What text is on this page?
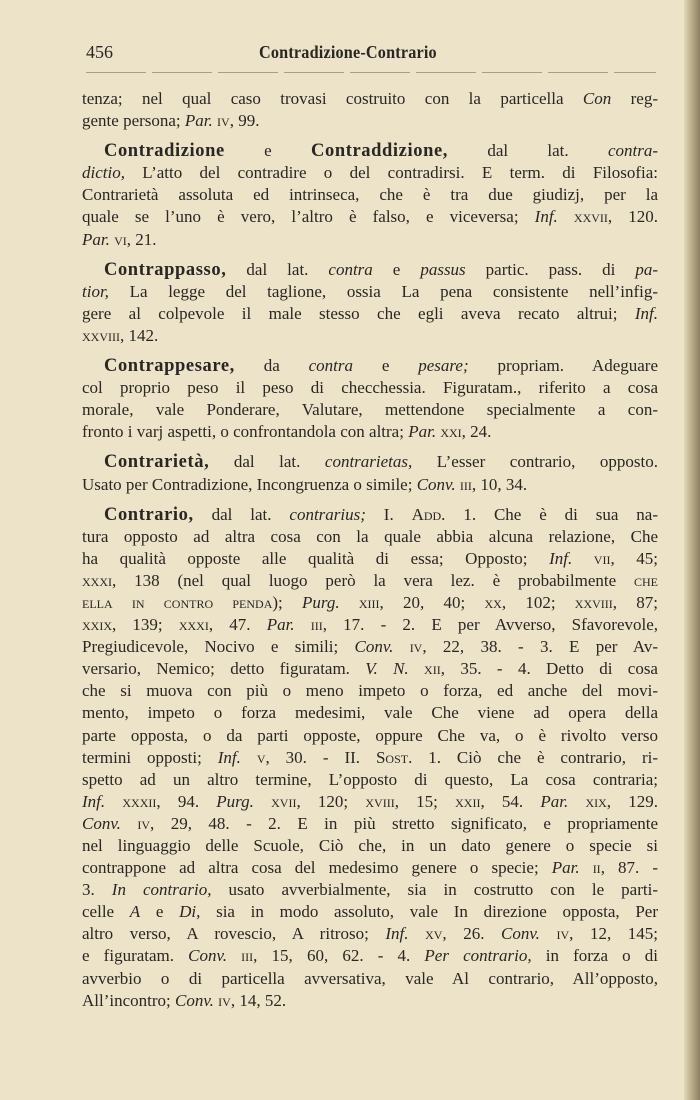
456	Contradizione-Contrario
tenza; nel qual caso trovasi costruito con la particella Con reg-
gente persona; Par. iv, 99.
Contradizione e Contraddizione, dal lat. contra-
dictio, L’atto del contradire o del contradirsi. E term. di Filosofia:
Contrarietà assoluta ed intrinseca, che è tra due giudizj, per la
quale se l’uno è vero, l’altro è falso, e viceversa; Inf. xxvii, 120.
Par. vi, 21.
Contrappasso, dal lat. contra e passus partic. pass. di pa-
tior, La legge del taglione, ossia La pena consistente nell’infig-
gere al colpevole il male stesso che egli aveva recato altrui; Inf.
xxviii, 142.
Contrappesare, da contra e pesare; propriam. Adeguare
col proprio peso il peso di checchessia. Figuratam., riferito a cosa
morale, vale Ponderare, Valutare, mettendone specialmente a con-
fronto i varj aspetti, o confrontandola con altra; Par. xxi, 24.
Contrarietà, dal lat. contrarietas, L’esser contrario, opposto.
Usato per Contradizione, Incongruenza o simile; Conv. iii, 10, 34.
Contrario, dal lat. contrarius; I. Add. 1. Che è di sua na-
tura opposto ad altra cosa con la quale abbia alcuna relazione, Che
ha qualità opposte alle qualità di essa; Opposto; Inf. vii, 45;
xxxi, 138 (nel qual luogo però la vera lez. è probabilmente che
ella in contro penda); Purg. xiii, 20, 40; xx, 102; xxviii, 87;
xxix, 139; xxxi, 47. Par. iii, 17. - 2. E per Avverso, Sfavorevole,
Pregiudicevole, Nocivo e simili; Conv. iv, 22, 38. - 3. E per Av-
versario, Nemico; detto figuratam. V. N. xii, 35. - 4. Detto di cosa
che si muova con più o meno impeto o forza, ed anche del movi-
mento, impeto o forza medesimi, vale Che viene ad opera della
parte opposta, o da parti opposte, oppure Che va, o è rivolto verso
termini opposti; Inf. v, 30. - II. Sost. 1. Ciò che è contrario, ri-
spetto ad un altro termine, L’opposto di questo, La cosa contraria;
Inf. xxxii, 94. Purg. xvii, 120; xviii, 15; xxii, 54. Par. xix, 129.
Conv. iv, 29, 48. - 2. E in più stretto significato, e propriamente
nel linguaggio delle Scuole, Ciò che, in un dato genere o specie si
contrappone ad altra cosa del medesimo genere o specie; Par. ii, 87. -
3. In contrario, usato avverbialmente, sia in costrutto con le parti-
celle A e Di, sia in modo assoluto, vale In direzione opposta, Per
altro verso, A rovescio, A ritroso; Inf. xv, 26. Conv. iv, 12, 145;
e figuratam. Conv. iii, 15, 60, 62. - 4. Per contrario, in forza o di
avverbio o di particella avversativa, vale Al contrario, All’opposto,
All’incontro; Conv. iv, 14, 52.
